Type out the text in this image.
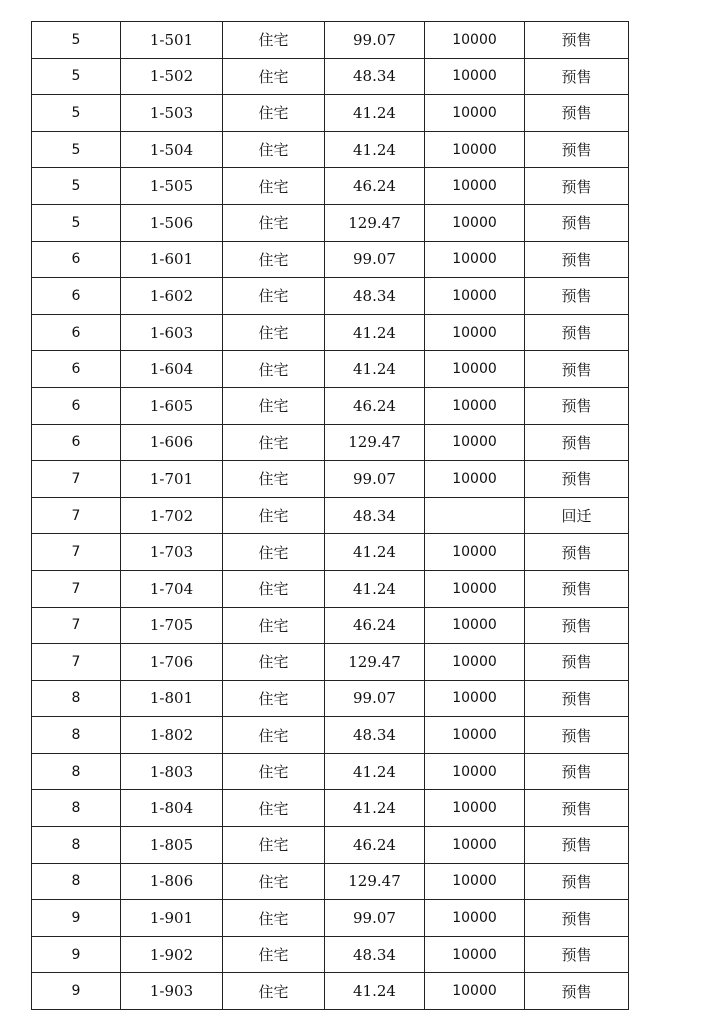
5	1-501	住宅	99.07	10000	预售
5	1-502	住宅	48.34	10000	预售
5	1-503	住宅	41.24	10000	预售
5	1-504	住宅	41.24	10000	预售
5	1-505	住宅	46.24	10000	预售
5	1-506	住宅	129.47	10000	预售
6	1-601	住宅	99.07	10000	预售
6	1-602	住宅	48.34	10000	预售
6	1-603	住宅	41.24	10000	预售
6	1-604	住宅	41.24	10000	预售
6	1-605	住宅	46.24	10000	预售
6	1-606	住宅	129.47	10000	预售
7	1-701	住宅	99.07	10000	预售
7	1-702	住宅	48.34		回迁
7	1-703	住宅	41.24	10000	预售
7	1-704	住宅	41.24	10000	预售
7	1-705	住宅	46.24	10000	预售
7	1-706	住宅	129.47	10000	预售
8	1-801	住宅	99.07	10000	预售
8	1-802	住宅	48.34	10000	预售
8	1-803	住宅	41.24	10000	预售
8	1-804	住宅	41.24	10000	预售
8	1-805	住宅	46.24	10000	预售
8	1-806	住宅	129.47	10000	预售
9	1-901	住宅	99.07	10000	预售
9	1-902	住宅	48.34	10000	预售
9	1-903	住宅	41.24	10000	预售
